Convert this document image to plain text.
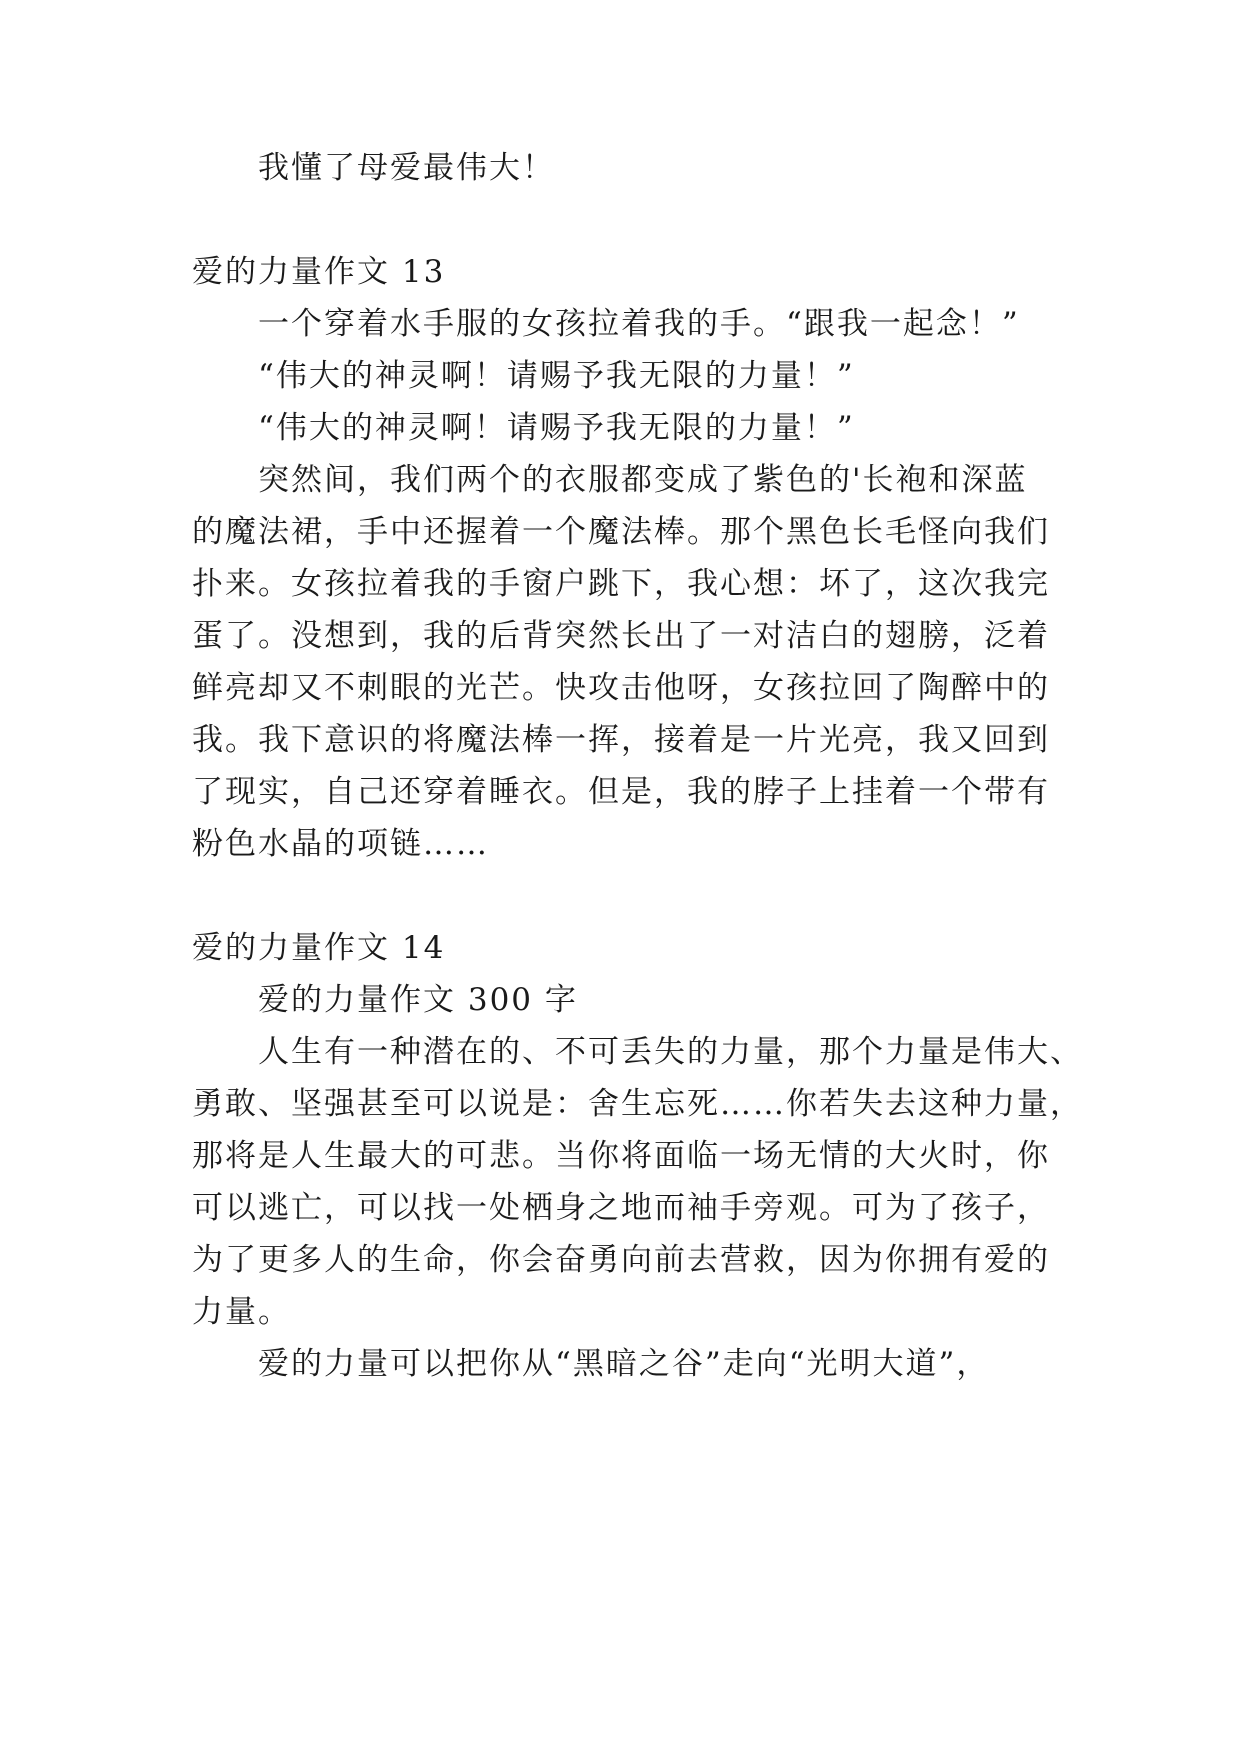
我懂了母爱最伟大！
爱的力量作文 13
一个穿着水手服的女孩拉着我的手。“跟我一起念！”
“伟大的神灵啊！请赐予我无限的力量！”
“伟大的神灵啊！请赐予我无限的力量！”
突然间，我们两个的衣服都变成了紫色的'长袍和深蓝
的魔法裙，手中还握着一个魔法棒。那个黑色长毛怪向我们
扑来。女孩拉着我的手窗户跳下，我心想：坏了，这次我完
蛋了。没想到，我的后背突然长出了一对洁白的翅膀，泛着
鲜亮却又不刺眼的光芒。快攻击他呀，女孩拉回了陶醉中的
我。我下意识的将魔法棒一挥，接着是一片光亮，我又回到
了现实，自己还穿着睡衣。但是，我的脖子上挂着一个带有
粉色水晶的项链……
爱的力量作文 14
爱的力量作文 300 字
人生有一种潜在的、不可丢失的力量，那个力量是伟大、
勇敢、坚强甚至可以说是：舍生忘死……你若失去这种力量，
那将是人生最大的可悲。当你将面临一场无情的大火时，你
可以逃亡，可以找一处栖身之地而袖手旁观。可为了孩子，
为了更多人的生命，你会奋勇向前去营救，因为你拥有爱的
力量。
爱的力量可以把你从“黑暗之谷”走向“光明大道”，
